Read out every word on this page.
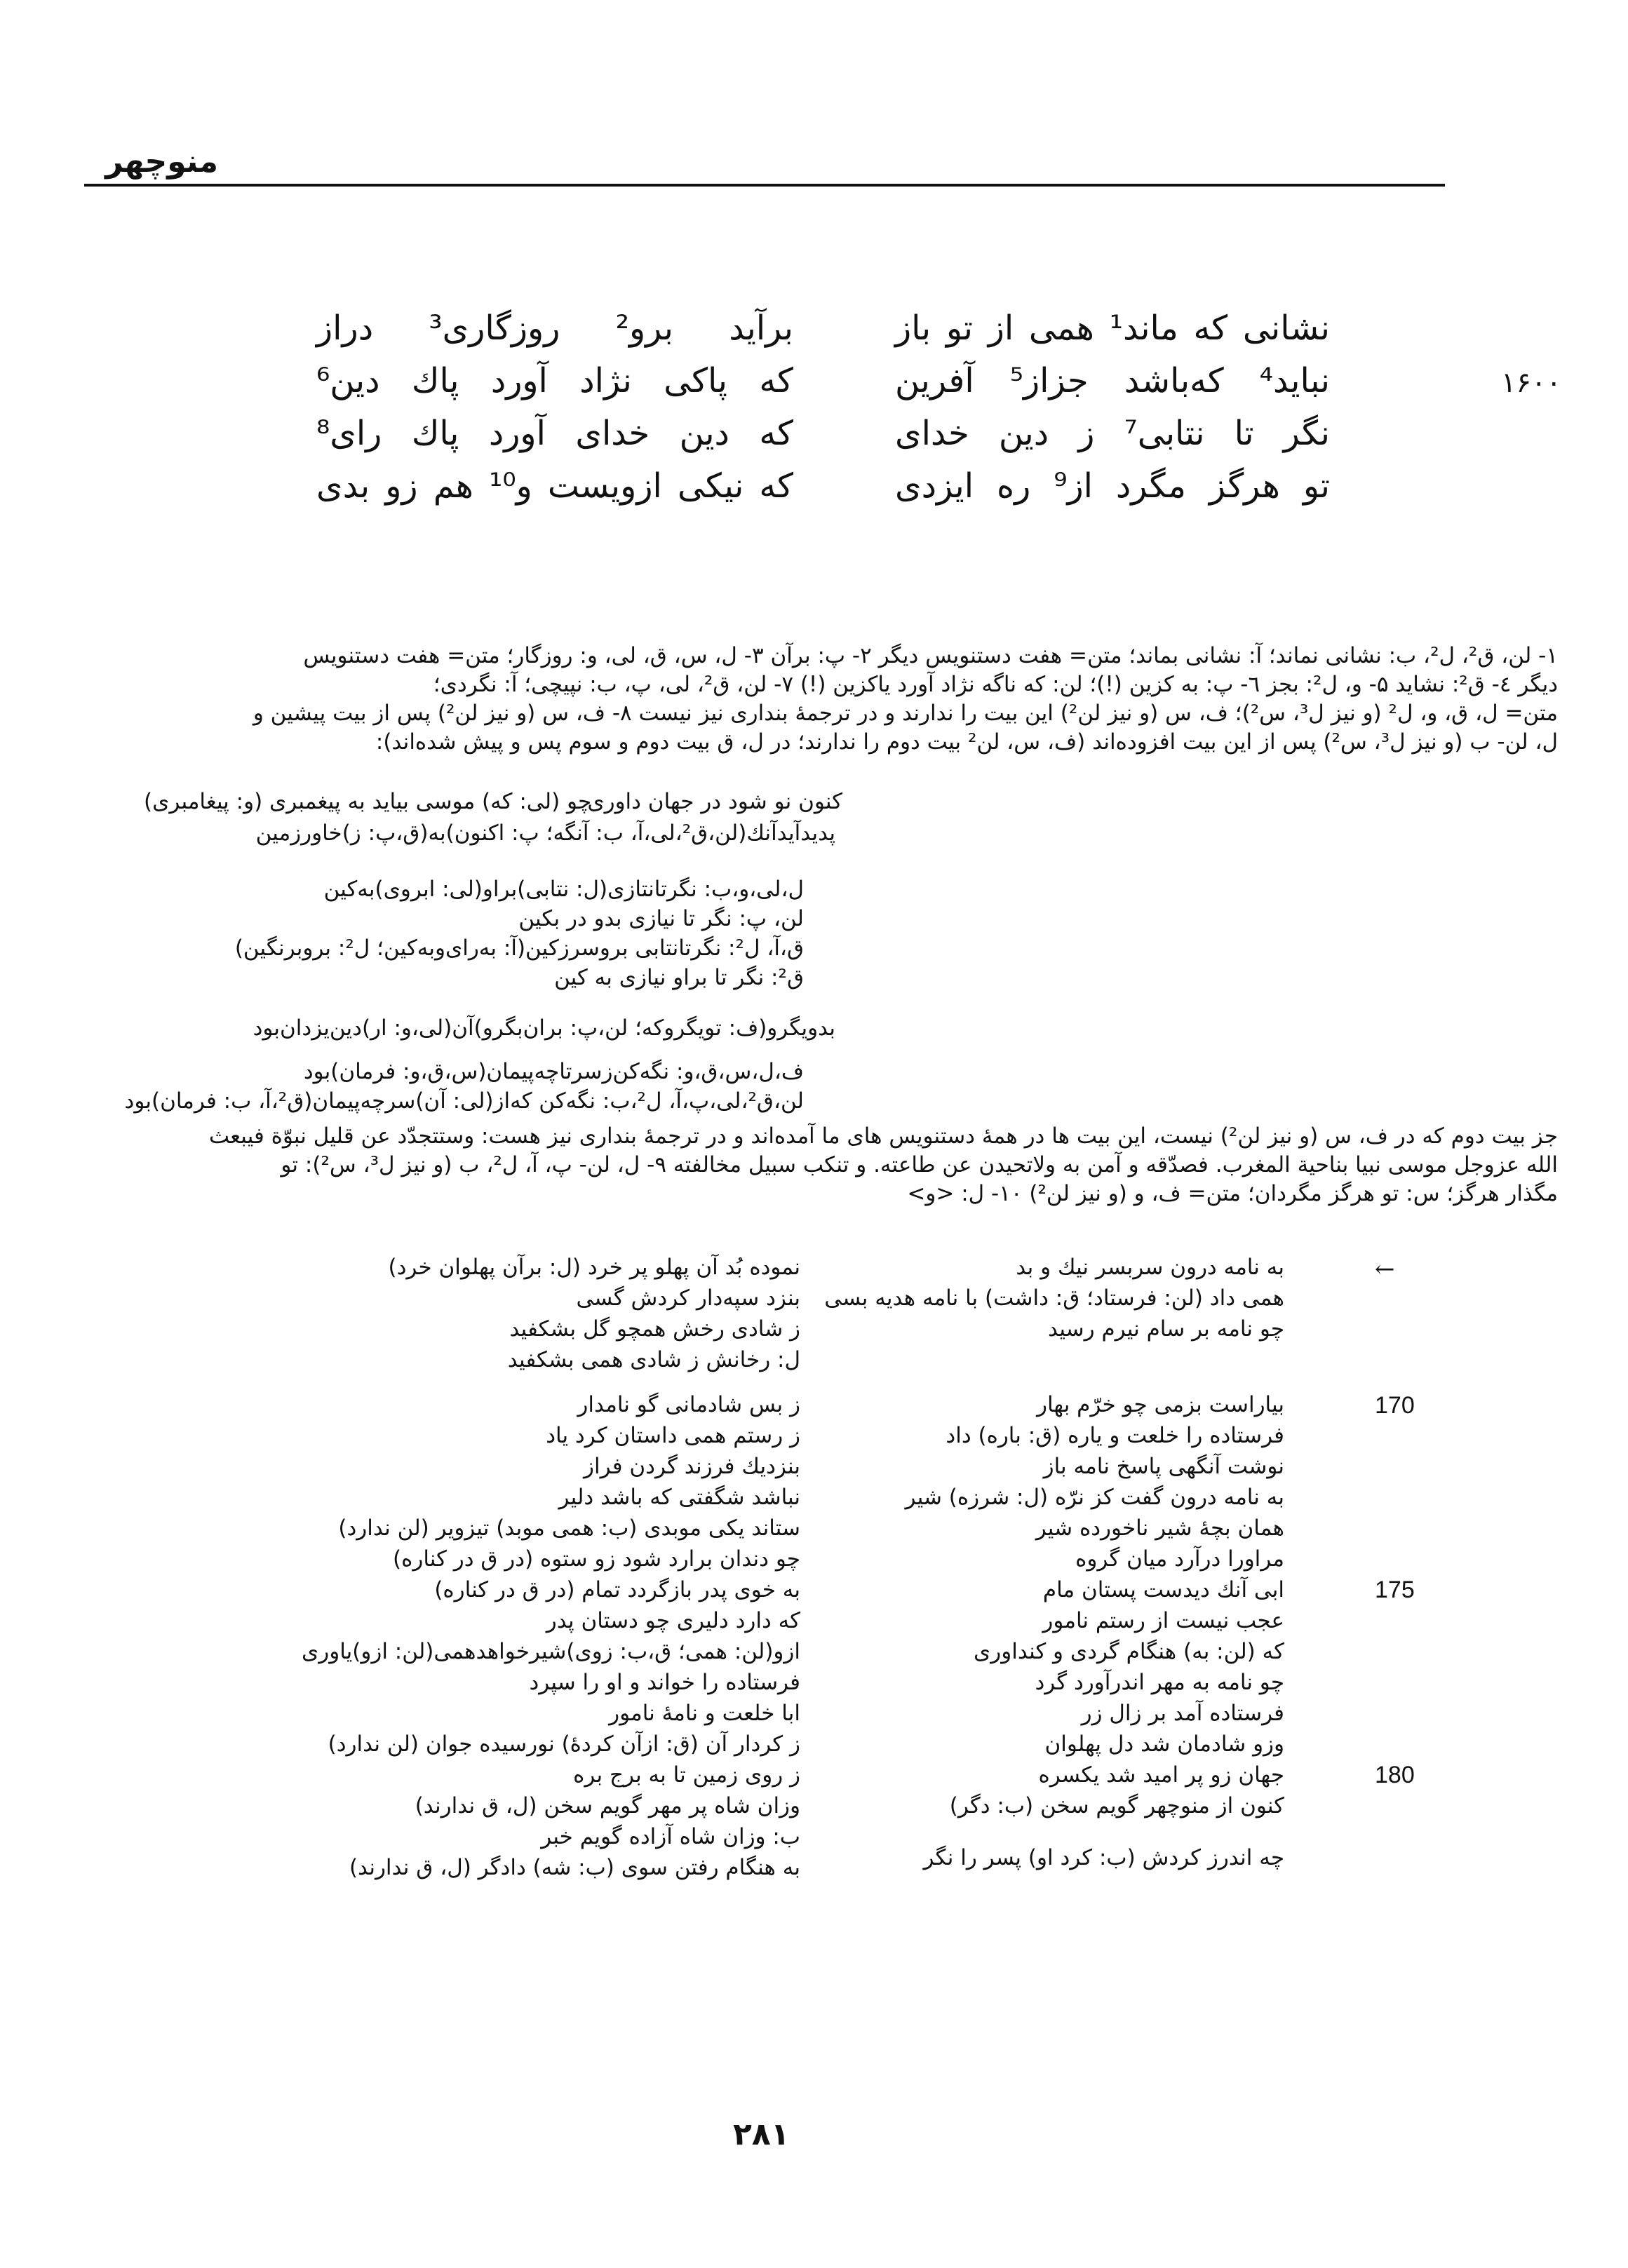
منوچهر
نشانی که ماند¹ همی از تو باز
برآید برو² روزگاری³ دراز
۱۶۰۰
نباید⁴ که‌باشد جزاز⁵ آفرین
که پاکی نژاد آورد پاك دین⁶
نگر تا نتابی⁷ ز دین خدای
که دین خدای آورد پاك رای⁸
تو هرگز مگرد از⁹ ره ایزدی
که نیکی ازویست و¹⁰ هم زو بدی

۱- لن، ق²، ل²، ب: نشانی نماند؛ آ: نشانی بماند؛ متن= هفت دستنویس دیگر ۲- پ: برآن ۳- ل، س، ق، لی، و: روزگار؛ متن= هفت دستنویس

دیگر ٤- ق²: نشاید ۵- و، ل²: بجز ٦- پ: به کزین (!)؛ لن: که ناگه نژاد آورد یاکزین (!) ۷- لن، ق²، لی، پ، ب: نپیچی؛ آ: نگردی؛

متن= ل، ق، و، ل² (و نیز ل³، س²)؛ ف، س (و نیز لن²) این بیت را ندارند و در ترجمهٔ بنداری نیز نیست ۸- ف، س (و نیز لن²) پس از بیت پیشین و

ل، لن- ب (و نیز ل³، س²) پس از این بیت افزوده‌اند (ف، س، لن² بیت دوم را ندارند؛ در ل، ق بیت دوم و سوم پس و پیش شده‌اند):

کنون نو شود در جهان داوری
چو (لی: که) موسی بیاید به پیغمبری (و: پیغامبری)
پدیدآیدآنك(لن،ق²،لی،آ، ب: آنگه؛ پ: اکنون)به(ق،پ: ز)خاورزمین
ل،لی،و،ب: نگرتانتازی(ل: نتابی)براو(لی: ابروی)به‌کین
لن، پ: نگر تا نیازی بدو در بکین
ق،آ، ل²: نگرتانتابی بروسرزکین(آ: به‌رای‌وبه‌کین؛ ل²: بروبرنگین)
ق²: نگر تا براو نیازی به کین
بدویگرو(ف: تویگروکه؛ لن،پ: بران‌بگرو)آن(لی،و: ار)دین‌یزدان‌بود
ف،ل،س،ق،و: نگه‌کن‌زسرتاچه‌پیمان(س،ق،و: فرمان)بود
لن،ق²،لی،پ،آ، ل²،ب: نگه‌کن که‌از(لی: آن)سرچه‌پیمان(ق²،آ، ب: فرمان)بود

جز بیت دوم که در ف، س (و نیز لن²) نیست، این بیت ها در همهٔ دستنویس های ما آمده‌اند و در ترجمهٔ بنداری نیز هست: وستتجدّد عن قلیل نبوّة فیبعث

الله عزوجل موسی نبیا بناحیة المغرب. فصدّقه و آمن به ولاتحیدن عن طاعته. و تنکب سبیل مخالفته ۹- ل، لن- پ، آ، ل²، ب (و نیز ل³، س²): تو

مگذار هرگز؛ س: تو هرگز مگردان؛ متن= ف، و (و نیز لن²) ۱۰- ل: <و>

←
170
175
180
به نامه درون سربسر نیك و بد
همی داد (لن: فرستاد؛ ق: داشت) با نامه هدیه بسی
چو نامه بر سام نیرم رسید
بیاراست بزمی چو خرّم بهار
فرستاده را خلعت و یاره (ق: باره) داد
نوشت آنگهی پاسخ نامه باز
به نامه درون گفت کز نرّه (ل: شرزه) شیر
همان بچهٔ شیر ناخورده شیر
مراورا درآرد میان گروه
ابی آنك دیدست پستان مام
عجب نیست از رستم نامور
که (لن: به) هنگام گردی و کنداوری
چو نامه به مهر اندرآورد گرد
فرستاده آمد بر زال زر
وزو شادمان شد دل پهلوان
جهان زو پر امید شد یکسره
کنون از منوچهر گویم سخن (ب: دگر)
چه اندرز کردش (ب: کرد او) پسر را نگر
نموده بُد آن پهلو پر خرد (ل: برآن پهلوان خرد)
بنزد سپه‌دار کردش گسی
ز شادی رخش همچو گل بشکفید
ل: رخانش ز شادی همی بشکفید
ز بس شادمانی گو نامدار
ز رستم همی داستان کرد یاد
بنزدیك فرزند گردن فراز
نباشد شگفتی که باشد دلیر
ستاند یکی موبدی (ب: همی موبد) تیزویر (لن ندارد)
چو دندان برارد شود زو ستوه (در ق در کناره)
به خوی پدر بازگردد تمام (در ق در کناره)
که دارد دلیری چو دستان پدر
ازو(لن: همی؛ ق،ب: زوی)شیرخواهدهمی(لن: ازو)یاوری
فرستاده را خواند و او را سپرد
ابا خلعت و نامهٔ نامور
ز کردار آن (ق: ازآن کردهٔ) نورسیده جوان (لن ندارد)
ز روی زمین تا به برج بره
وزان شاه پر مهر گویم سخن (ل، ق ندارند)
ب: وزان شاه آزاده گویم خبر
به هنگام رفتن سوی (ب: شه) دادگر (ل، ق ندارند)
۲۸۱
